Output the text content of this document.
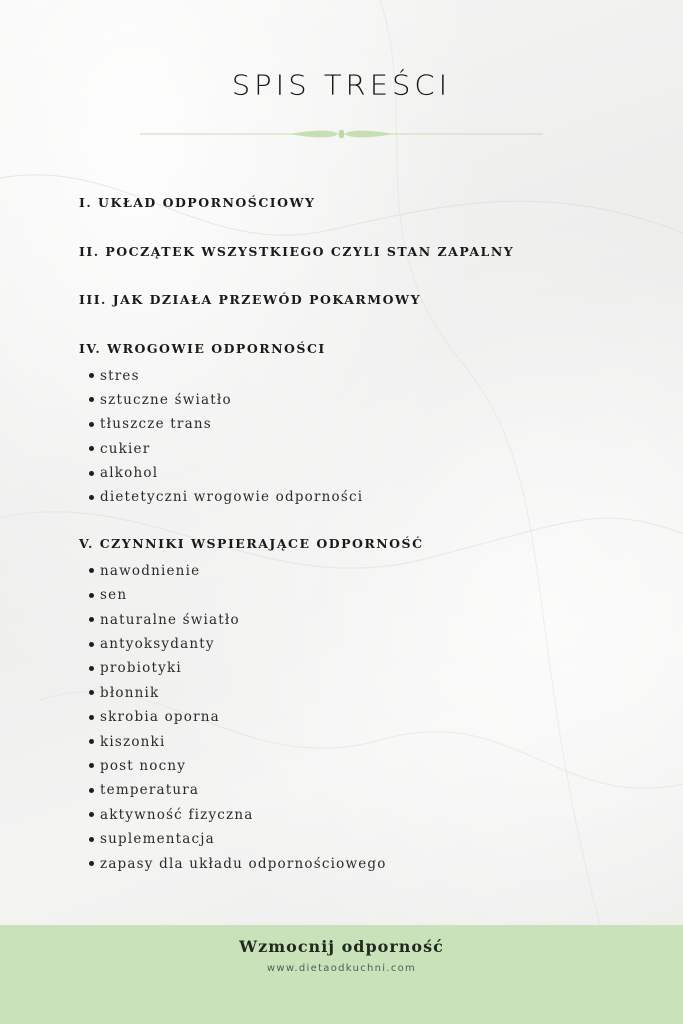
SPIS TREŚCI
I. UKŁAD ODPORNOŚCIOWY
II. POCZĄTEK WSZYSTKIEGO CZYLI STAN ZAPALNY
III. JAK DZIAŁA PRZEWÓD POKARMOWY
IV. WROGOWIE ODPORNOŚCI
stres
sztuczne światło
tłuszcze trans
cukier
alkohol
dietetyczni wrogowie odporności
V. CZYNNIKI WSPIERAJĄCE ODPORNOŚĆ
nawodnienie
sen
naturalne światło
antyoksydanty
probiotyki
błonnik
skrobia oporna
kiszonki
post nocny
temperatura
aktywność fizyczna
suplementacja
zapasy dla układu odpornościowego
Wzmocnij odporność
www.dietaodkuchni.com
